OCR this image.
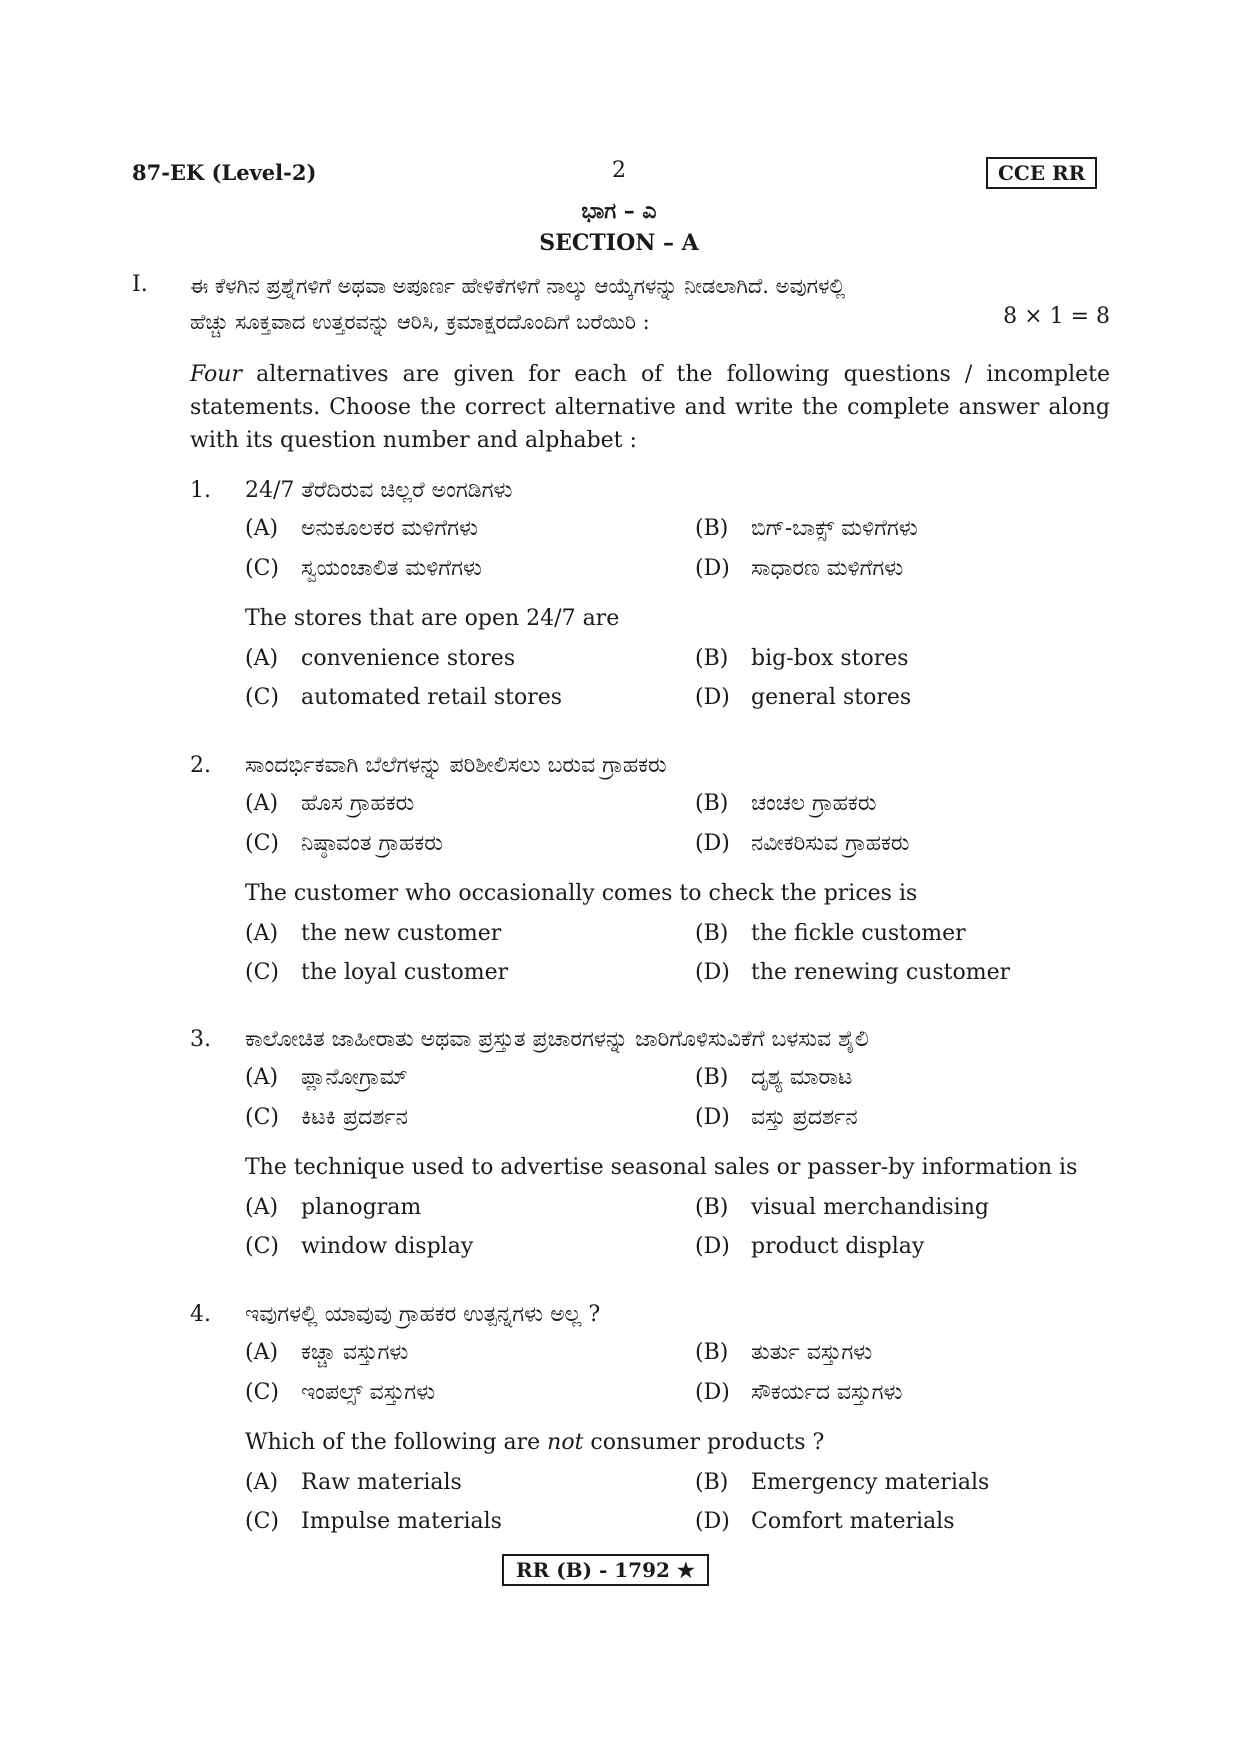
87-EK (Level-2)	2	CCE RR
ಭಾಗ – ಎ
SECTION – A
I. ಈ ಕೆಳಗಿನ ಪ್ರಶ್ನೆಗಳಿಗೆ ಅಥವಾ ಅಪೂರ್ಣ ಹೇಳಿಕೆಗಳಿಗೆ ನಾಲ್ಕು ಆಯ್ಕೆಗಳನ್ನು ನೀಡಲಾಗಿದೆ. ಅವುಗಳಲ್ಲಿ
ಹೆಚ್ಚು ಸೂಕ್ತವಾದ ಉತ್ತರವನ್ನು ಆರಿಸಿ, ಕ್ರಮಾಕ್ಷರದೊಂದಿಗೆ ಬರೆಯಿರಿ :	8 × 1 = 8
Four alternatives are given for each of the following questions / incomplete statements. Choose the correct alternative and write the complete answer along with its question number and alphabet :
1. 24/7 ತೆರೆದಿರುವ ಚಿಲ್ಲರೆ ಅಂಗಡಿಗಳು
(A) ಅನುಕೂಲಕರ ಮಳಿಗೆಗಳು	(B) ಬಿಗ್-ಬಾಕ್ಸ್ ಮಳಿಗೆಗಳು
(C) ಸ್ವಯಂಚಾಲಿತ ಮಳಿಗೆಗಳು	(D) ಸಾಧಾರಣ ಮಳಿಗೆಗಳು
The stores that are open 24/7 are
(A) convenience stores	(B) big-box stores
(C) automated retail stores	(D) general stores
2. ಸಾಂದರ್ಭಿಕವಾಗಿ ಬೆಲೆಗಳನ್ನು ಪರಿಶೀಲಿಸಲು ಬರುವ ಗ್ರಾಹಕರು
(A) ಹೊಸ ಗ್ರಾಹಕರು	(B) ಚಂಚಲ ಗ್ರಾಹಕರು
(C) ನಿಷ್ಠಾವಂತ ಗ್ರಾಹಕರು	(D) ನವೀಕರಿಸುವ ಗ್ರಾಹಕರು
The customer who occasionally comes to check the prices is
(A) the new customer	(B) the fickle customer
(C) the loyal customer	(D) the renewing customer
3. ಕಾಲೋಚಿತ ಜಾಹೀರಾತು ಅಥವಾ ಪ್ರಸ್ತುತ ಪ್ರಚಾರಗಳನ್ನು ಜಾರಿಗೊಳಿಸುವಿಕೆಗೆ ಬಳಸುವ ಶೈಲಿ
(A) ಪ್ಲಾನೋಗ್ರಾಮ್	(B) ದೃಶ್ಯ ಮಾರಾಟ
(C) ಕಿಟಕಿ ಪ್ರದರ್ಶನ	(D) ವಸ್ತು ಪ್ರದರ್ಶನ
The technique used to advertise seasonal sales or passer-by information is
(A) planogram	(B) visual merchandising
(C) window display	(D) product display
4. ಇವುಗಳಲ್ಲಿ ಯಾವುವು ಗ್ರಾಹಕರ ಉತ್ಪನ್ನಗಳು ಅಲ್ಲ ?
(A) ಕಚ್ಚಾ ವಸ್ತುಗಳು	(B) ತುರ್ತು ವಸ್ತುಗಳು
(C) ಇಂಪಲ್ಸ್ ವಸ್ತುಗಳು	(D) ಸೌಕರ್ಯದ ವಸ್ತುಗಳು
Which of the following are not consumer products ?
(A) Raw materials	(B) Emergency materials
(C) Impulse materials	(D) Comfort materials
RR (B) - 1792 ★
